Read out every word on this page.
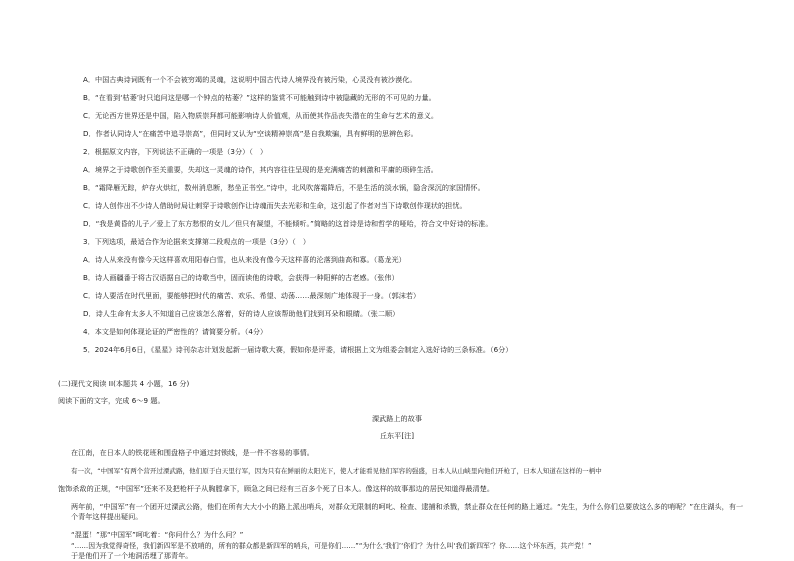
A．中国古典诗词既有一个不会被穷竭的灵魂，这说明中国古代诗人境界没有被污染，心灵没有被沙漠化。
B．“在看到‘枯萎’时只追问这是哪一个钟点的枯萎？”这样的鉴赏不可能触到诗中被隐藏的无形的不可见的力量。
C．无论西方世界还是中国，陷入物质崇拜都可能影响诗人价值观，从而使其作品丧失潜在的生命与艺术的意义。
D．作者认同诗人“在痛苦中追寻崇高”，但同时又认为“空谈精神崇高”是自我欺骗，具有鲜明的思辨色彩。
2．根据原文内容，下列说法不正确的一项是（3分）（　）
A．境界之于诗歌创作至关重要，失却这一灵魂的诗作，其内容往往呈现的是充满痛苦的刺激和平庸的琐碎生活。
B．“霜降雁无踪，炉存火烘红，数州消息断，愁坐正书空。”诗中，北风吹落霜降后，不是生活的淡水锅，隐含深沉的家国情怀。
C．诗人创作出不少诗人借助时局让刺穿于诗歌创作让诗魂而失去光彩和生命，这引起了作者对当下诗歌创作现状的担忧。
D．“我是黄昏的儿子／爱上了东方愁恨的女儿／但只有凝望，不能倾听。”简略的这首诗是诗和哲学的哑哈，符合文中好诗的标准。
3．下列选项，最适合作为论据来支撑第二段观点的一项是（3分）（　）
A．诗人从来没有像今天这样喜欢用阳春白雪，也从来没有像今天这样喜的沦落到曲高和寡。（葛龙光）
B．诗人画疆番于将古汉语据自己的诗歌当中，固而读他的诗歌，会获得一种阳鲜的古老感。（张伟）
C．诗人要活在时代里面，要能够把时代的痛苦、欢乐、希望、动荡……最深刻广地体现于一身。（郭沫若）
D．诗人生命有太多人不知道自己应该怎么落着，好的诗人应该帮助他们找到耳朵和眼睛。（张二顺）
4．本文是如何体现论证的严密性的？请简要分析。（4分）
5．2024年6月6日，《星星》诗刊杂志计划发起新一届诗歌大赛，假如你是评委，请根据上文为组委会制定入选好诗的三条标准。（6分）
(二)现代文阅读 II(本题共 4 小题，16 分)
阅读下面的文字，完成 6～9 题。
溧武路上的故事
丘东平[注]
在江南，在日本人的铁花班和围盘格子中通过封锁线，是一件不容易的事情。
有一次，“中国军”有两个营开过溧武路，他们原于白天里行军，因为只有在鲜丽的太阳光下，使人才能看见他们军容的强盛，日本人从山峡里向他们开枪了，日本人知道在这样的一柄中
饱饰杀敌的正规，“中国军”还来不及把枪杆子从胸膛拿下，顾急之间已经有三百多个死了日本人。像这样的故事那边的居民知道得最清楚。
两年前，“中国军”有一个团开过溧武公路，他们在所有大大小小的路上派出哨兵，对群众无限制的呵叱、检查、逮捕和杀戮，禁止群众在任何的路上通过。“先生，为什么你们总要放这么多的哨呢？”在庄湖头，有一个青年这样提出疑问。
“混蛋！”那“中国军”呵叱着：“你问什么？为什么问？”
“……因为我觉得奇怪，我们新四军是不放哨的，所有的群众都是新四军的哨兵，可是你们……”“为什么‘我们’‘你们’？为什么叫‘我们新四军’？你……这个坏东西，共产党！”
于是他们开了一个地洞活埋了那青年。
